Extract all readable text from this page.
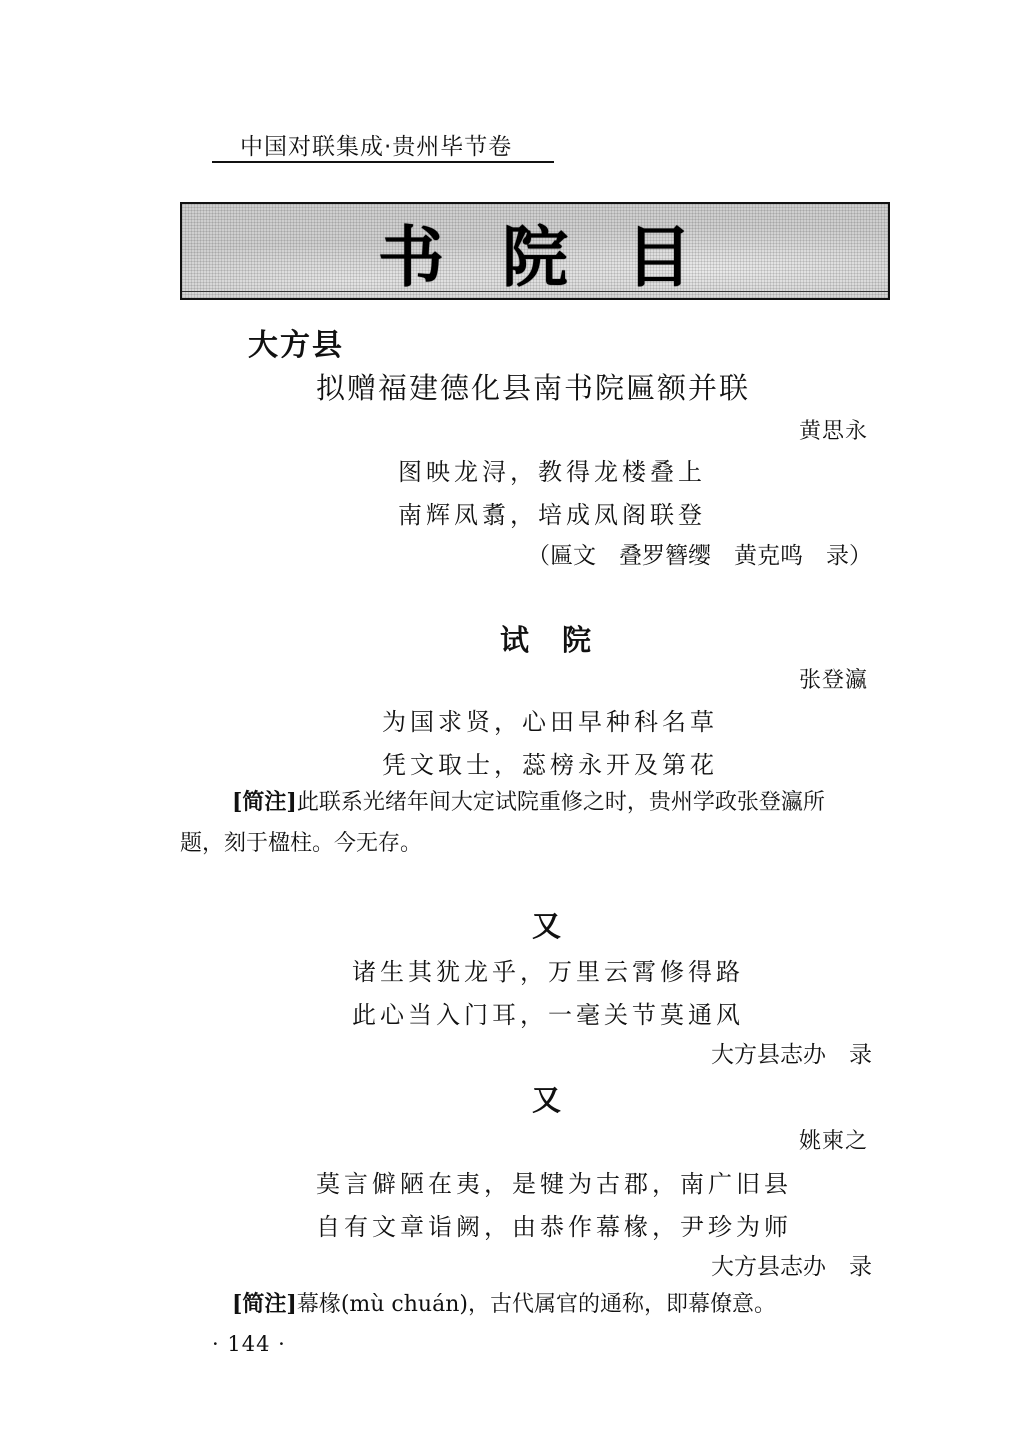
中国对联集成·贵州毕节卷
书院目
大方县
拟赠福建德化县南书院匾额并联
黄思永
图映龙浔，教得龙楼叠上
南辉凤翥，培成凤阁联登
（匾文　叠罗簪缨　黄克鸣　录）
试　院
张登瀛
为国求贤，心田早种科名草
凭文取士，蕊榜永开及第花
[简注]此联系光绪年间大定试院重修之时，贵州学政张登瀛所
题，刻于楹柱。今无存。
又
诸生其犹龙乎，万里云霄修得路
此心当入门耳，一毫关节莫通风
大方县志办　录
又
姚柬之
莫言僻陋在夷，是犍为古郡，南广旧县
自有文章诣阙，由恭作幕椽，尹珍为师
大方县志办　录
[简注]幕椽(mù chuán)，古代属官的通称，即幕僚意。
· 144 ·
